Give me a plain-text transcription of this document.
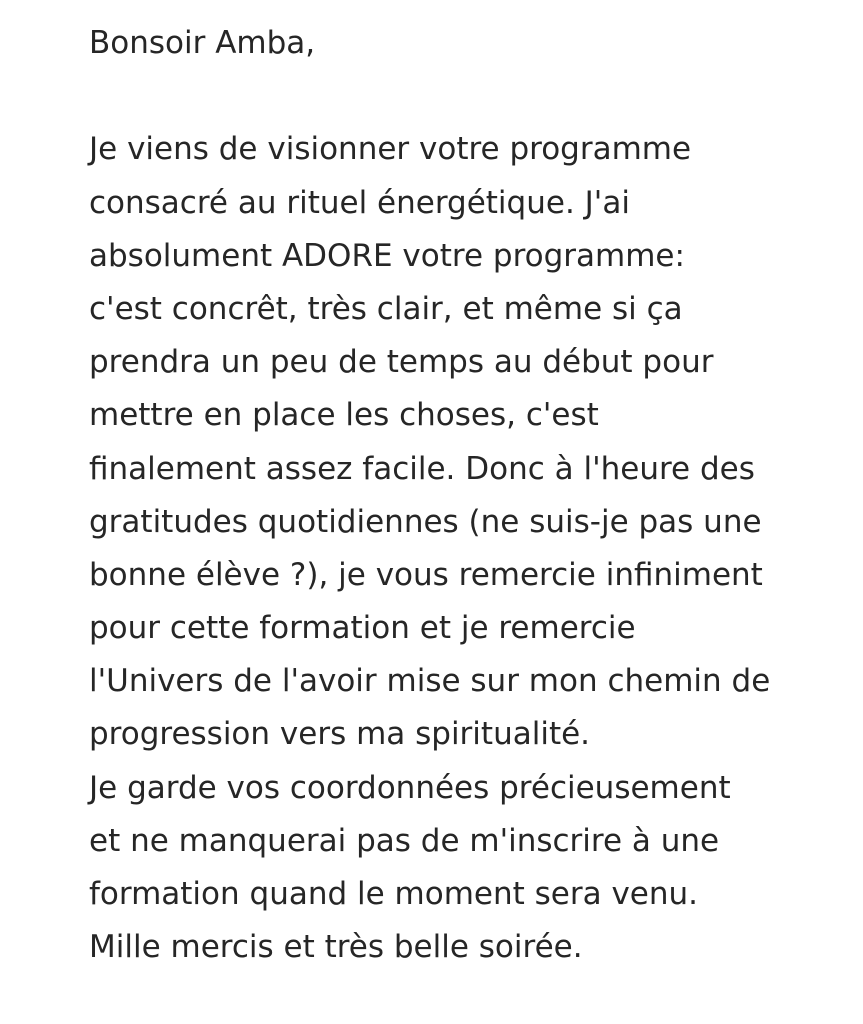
Bonsoir Amba,
Je viens de visionner votre programme
consacré au rituel énergétique. J'ai
absolument ADORE votre programme:
c'est concrêt, très clair, et même si ça
prendra un peu de temps au début pour
mettre en place les choses, c'est
finalement assez facile. Donc à l'heure des
gratitudes quotidiennes (ne suis-je pas une
bonne élève ?), je vous remercie infiniment
pour cette formation et je remercie
l'Univers de l'avoir mise sur mon chemin de
progression vers ma spiritualité.
Je garde vos coordonnées précieusement
et ne manquerai pas de m'inscrire à une
formation quand le moment sera venu.
Mille mercis et très belle soirée.
